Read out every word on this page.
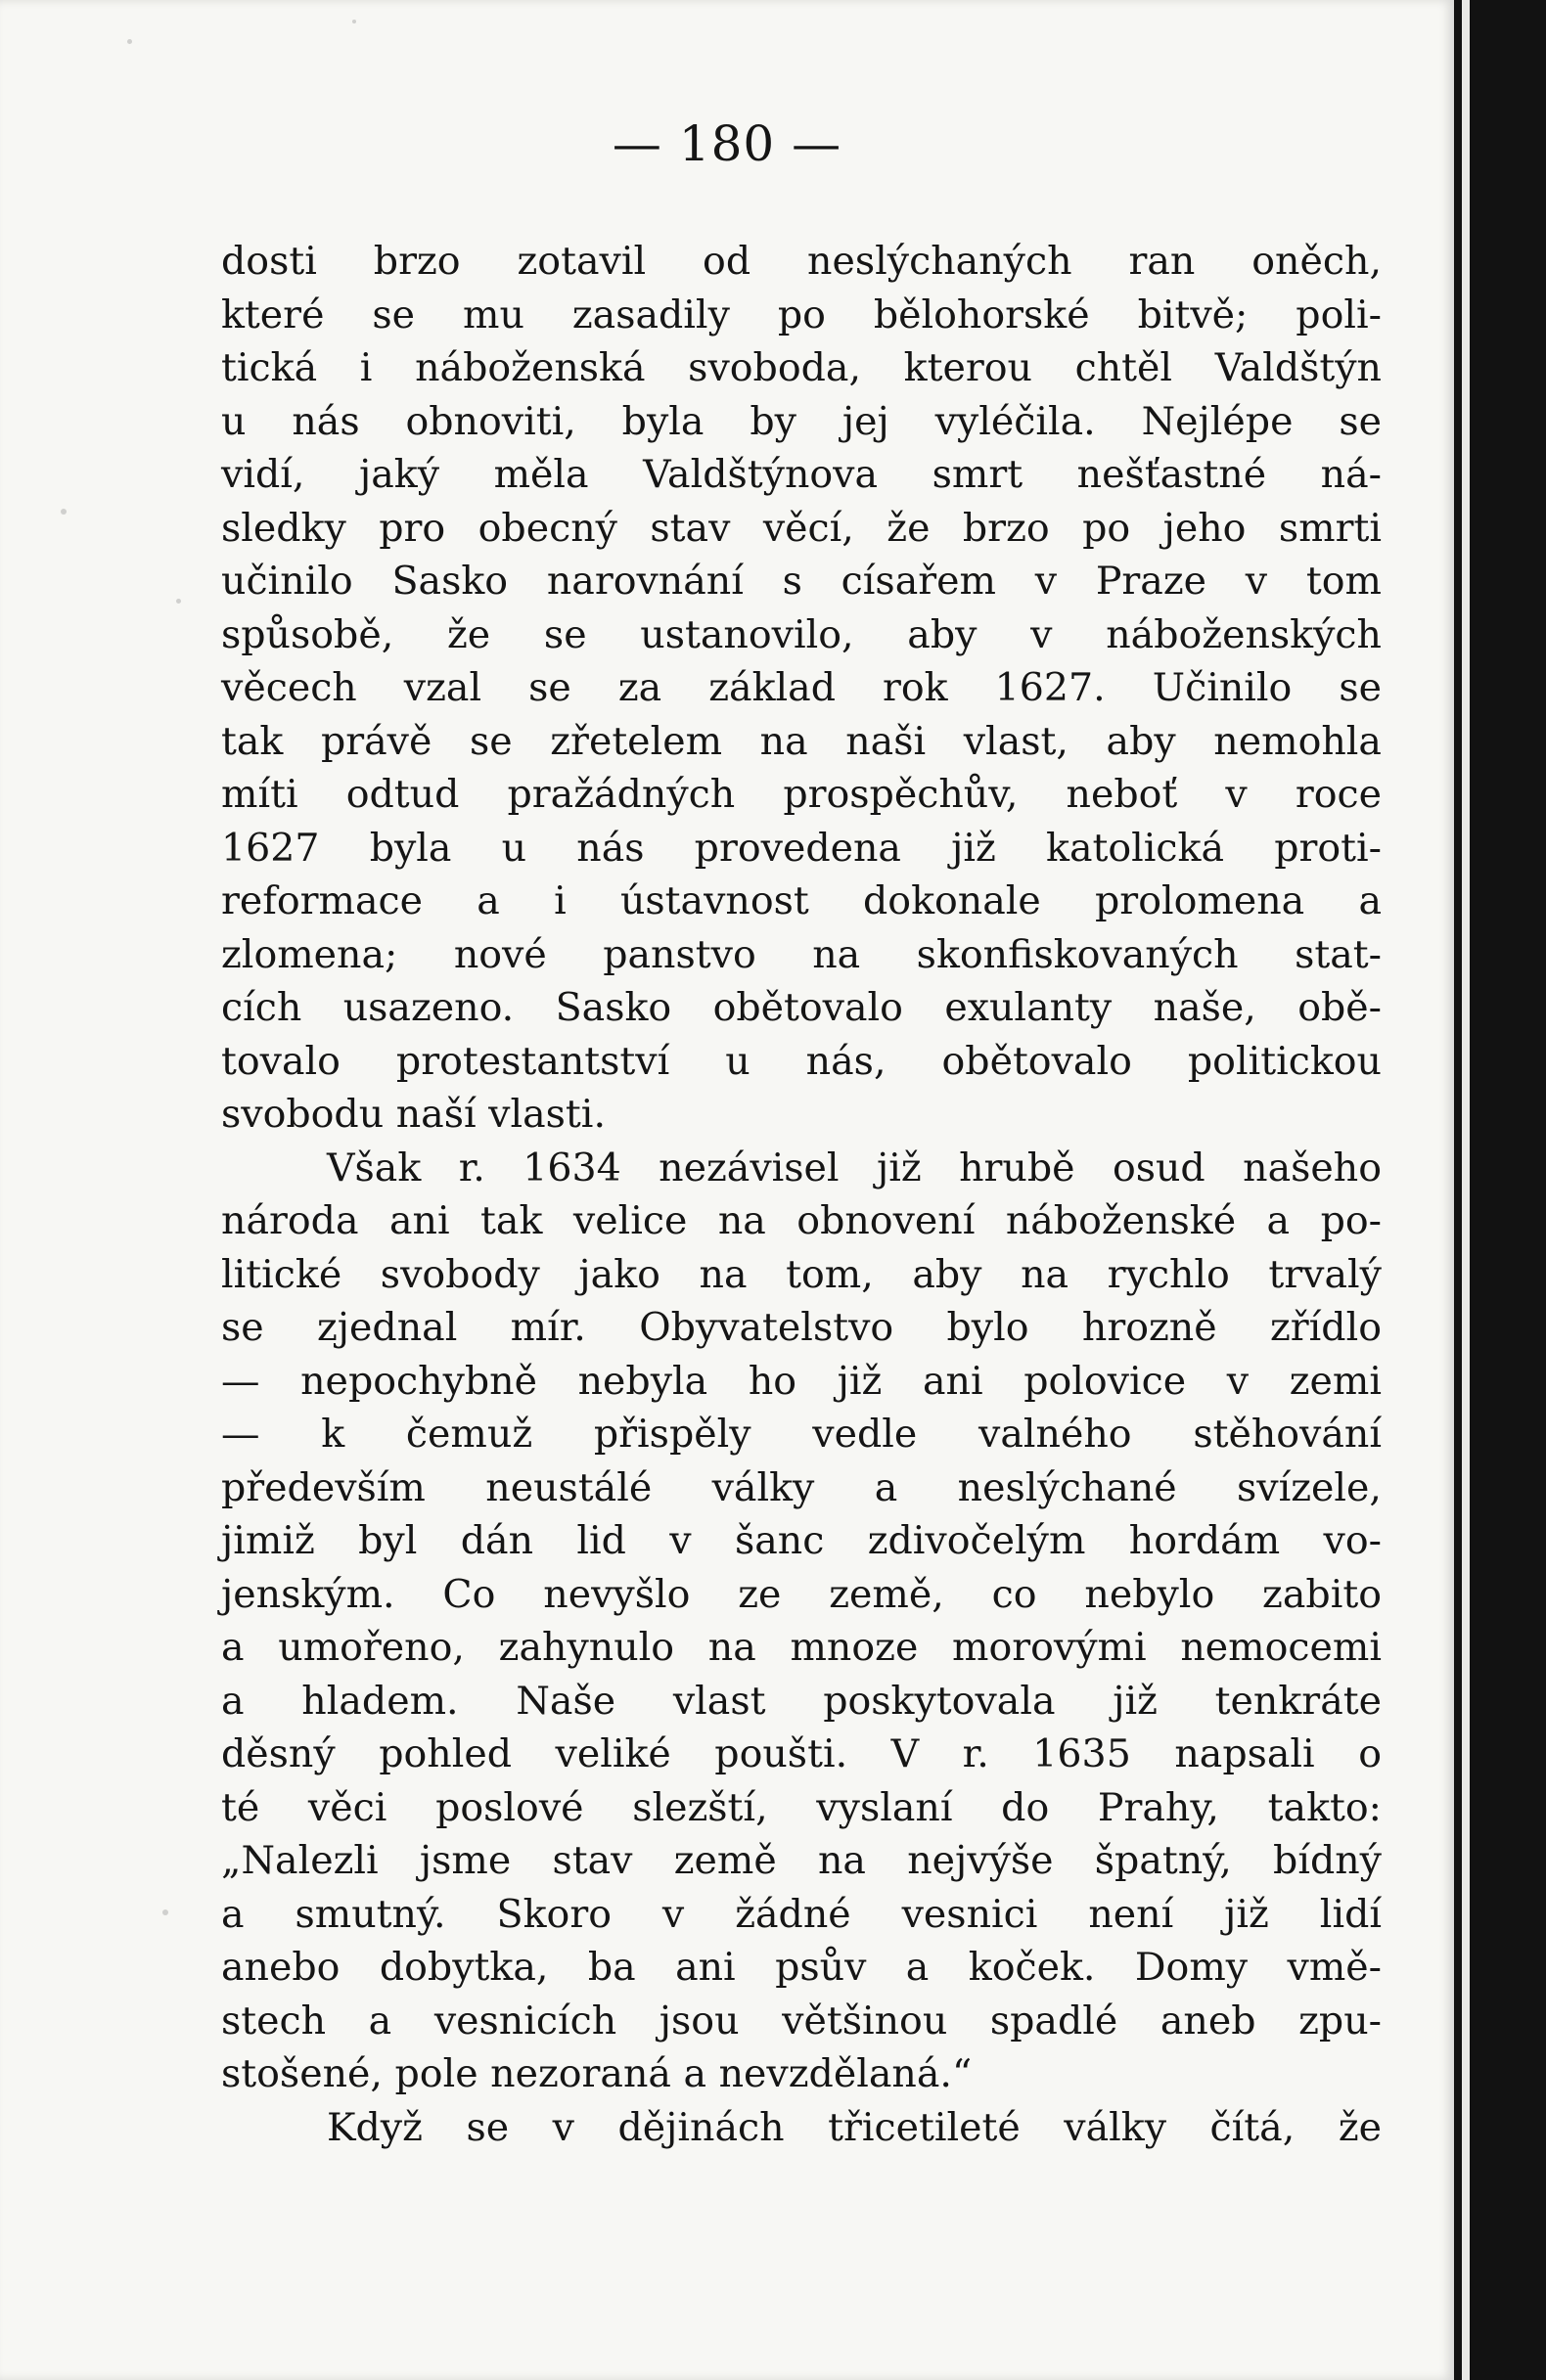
— 180 —
dosti brzo zotavil od neslýchaných ran oněch,
které se mu zasadily po bělohorské bitvě; poli-
tická i náboženská svoboda, kterou chtěl Valdštýn
u nás obnoviti, byla by jej vyléčila. Nejlépe se
vidí, jaký měla Valdštýnova smrt nešťastné ná-
sledky pro obecný stav věcí, že brzo po jeho smrti
učinilo Sasko narovnání s císařem v Praze v tom
spůsobě, že se ustanovilo, aby v náboženských
věcech vzal se za základ rok 1627. Učinilo se
tak právě se zřetelem na naši vlast, aby nemohla
míti odtud pražádných prospěchův, neboť v roce
1627 byla u nás provedena již katolická proti-
reformace a i ústavnost dokonale prolomena a
zlomena; nové panstvo na skonfiskovaných stat-
cích usazeno. Sasko obětovalo exulanty naše, obě-
tovalo protestantství u nás, obětovalo politickou
svobodu naší vlasti.
Však r. 1634 nezávisel již hrubě osud našeho
národa ani tak velice na obnovení náboženské a po-
litické svobody jako na tom, aby na rychlo trvalý
se zjednal mír. Obyvatelstvo bylo hrozně zřídlo
— nepochybně nebyla ho již ani polovice v zemi
— k čemuž přispěly vedle valného stěhování
především neustálé války a neslýchané svízele,
jimiž byl dán lid v šanc zdivočelým hordám vo-
jenským. Co nevyšlo ze země, co nebylo zabito
a umořeno, zahynulo na mnoze morovými nemocemi
a hladem. Naše vlast poskytovala již tenkráte
děsný pohled veliké poušti. V r. 1635 napsali o
té věci poslové slezští, vyslaní do Prahy, takto:
„Nalezli jsme stav země na nejvýše špatný, bídný
a smutný. Skoro v žádné vesnici není již lidí
anebo dobytka, ba ani psův a koček. Domy vmě-
stech a vesnicích jsou většinou spadlé aneb zpu-
stošené, pole nezoraná a nevzdělaná.“
Když se v dějinách třicetileté války čítá, že
